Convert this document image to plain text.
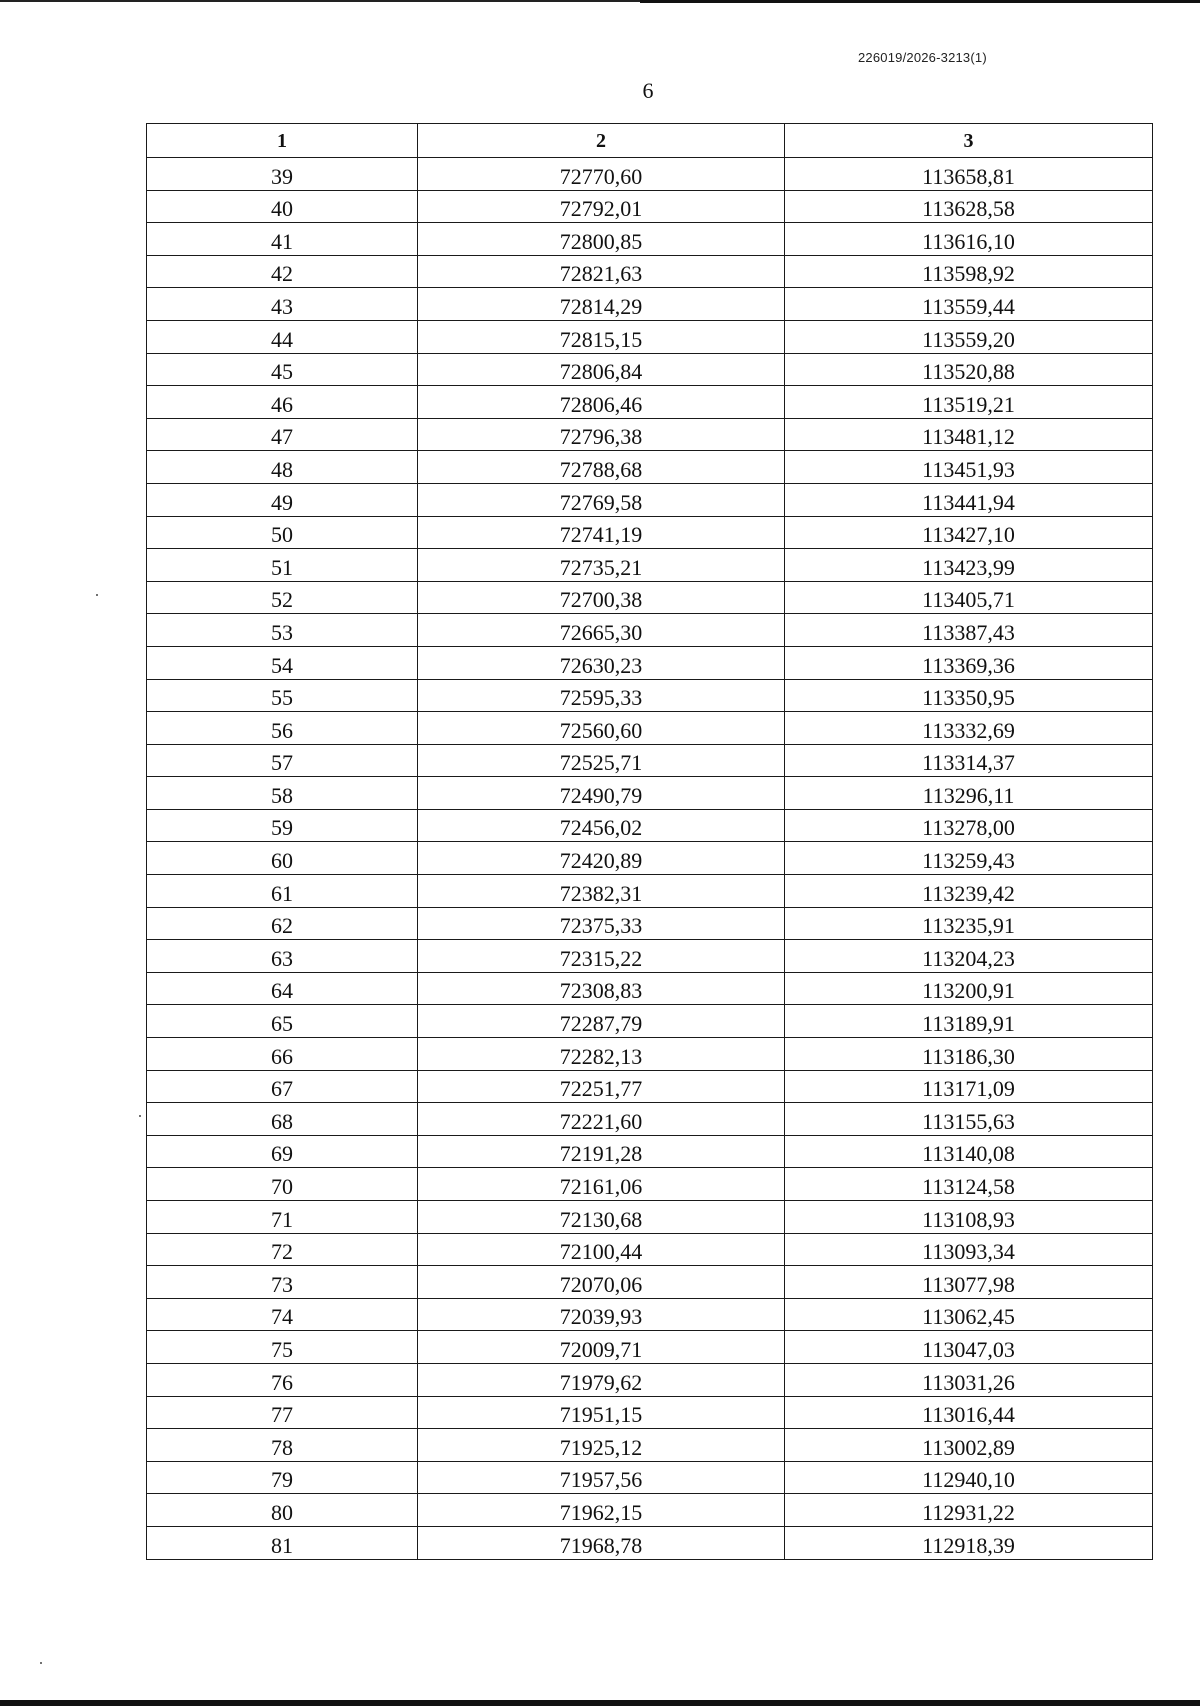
226019/2026-3213(1)
6
1	2	3
39	72770,60	113658,81
40	72792,01	113628,58
41	72800,85	113616,10
42	72821,63	113598,92
43	72814,29	113559,44
44	72815,15	113559,20
45	72806,84	113520,88
46	72806,46	113519,21
47	72796,38	113481,12
48	72788,68	113451,93
49	72769,58	113441,94
50	72741,19	113427,10
51	72735,21	113423,99
52	72700,38	113405,71
53	72665,30	113387,43
54	72630,23	113369,36
55	72595,33	113350,95
56	72560,60	113332,69
57	72525,71	113314,37
58	72490,79	113296,11
59	72456,02	113278,00
60	72420,89	113259,43
61	72382,31	113239,42
62	72375,33	113235,91
63	72315,22	113204,23
64	72308,83	113200,91
65	72287,79	113189,91
66	72282,13	113186,30
67	72251,77	113171,09
68	72221,60	113155,63
69	72191,28	113140,08
70	72161,06	113124,58
71	72130,68	113108,93
72	72100,44	113093,34
73	72070,06	113077,98
74	72039,93	113062,45
75	72009,71	113047,03
76	71979,62	113031,26
77	71951,15	113016,44
78	71925,12	113002,89
79	71957,56	112940,10
80	71962,15	112931,22
81	71968,78	112918,39
